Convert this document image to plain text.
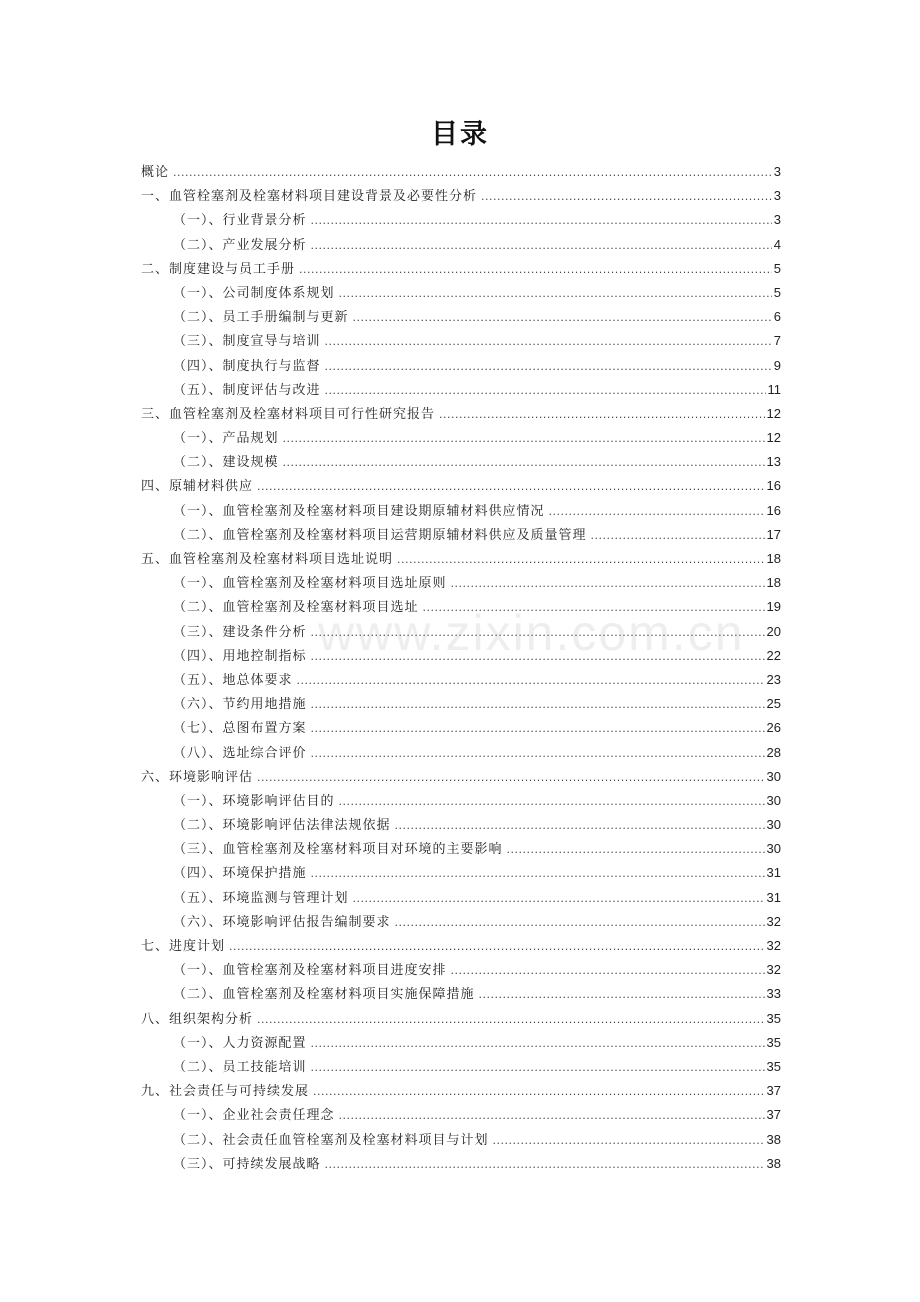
目录
概论 .....	3
一、血管栓塞剂及栓塞材料项目建设背景及必要性分析 .....	3
（一）、行业背景分析 .....	3
（二）、产业发展分析 .....	4
二、制度建设与员工手册 .....	5
（一）、公司制度体系规划 .....	5
（二）、员工手册编制与更新 .....	6
（三）、制度宣导与培训 .....	7
（四）、制度执行与监督 .....	9
（五）、制度评估与改进 .....	11
三、血管栓塞剂及栓塞材料项目可行性研究报告 .....	12
（一）、产品规划 .....	12
（二）、建设规模 .....	13
四、原辅材料供应 .....	16
（一）、血管栓塞剂及栓塞材料项目建设期原辅材料供应情况 .....	16
（二）、血管栓塞剂及栓塞材料项目运营期原辅材料供应及质量管理 .....	17
五、血管栓塞剂及栓塞材料项目选址说明 .....	18
（一）、血管栓塞剂及栓塞材料项目选址原则 .....	18
（二）、血管栓塞剂及栓塞材料项目选址 .....	19
（三）、建设条件分析 .....	20
（四）、用地控制指标 .....	22
（五）、地总体要求 .....	23
（六）、节约用地措施 .....	25
（七）、总图布置方案 .....	26
（八）、选址综合评价 .....	28
六、环境影响评估 .....	30
（一）、环境影响评估目的 .....	30
（二）、环境影响评估法律法规依据 .....	30
（三）、血管栓塞剂及栓塞材料项目对环境的主要影响 .....	30
（四）、环境保护措施 .....	31
（五）、环境监测与管理计划 .....	31
（六）、环境影响评估报告编制要求 .....	32
七、进度计划 .....	32
（一）、血管栓塞剂及栓塞材料项目进度安排 .....	32
（二）、血管栓塞剂及栓塞材料项目实施保障措施 .....	33
八、组织架构分析 .....	35
（一）、人力资源配置 .....	35
（二）、员工技能培训 .....	35
九、社会责任与可持续发展 .....	37
（一）、企业社会责任理念 .....	37
（二）、社会责任血管栓塞剂及栓塞材料项目与计划 .....	38
（三）、可持续发展战略 .....	38
www.zixin.com.cn
